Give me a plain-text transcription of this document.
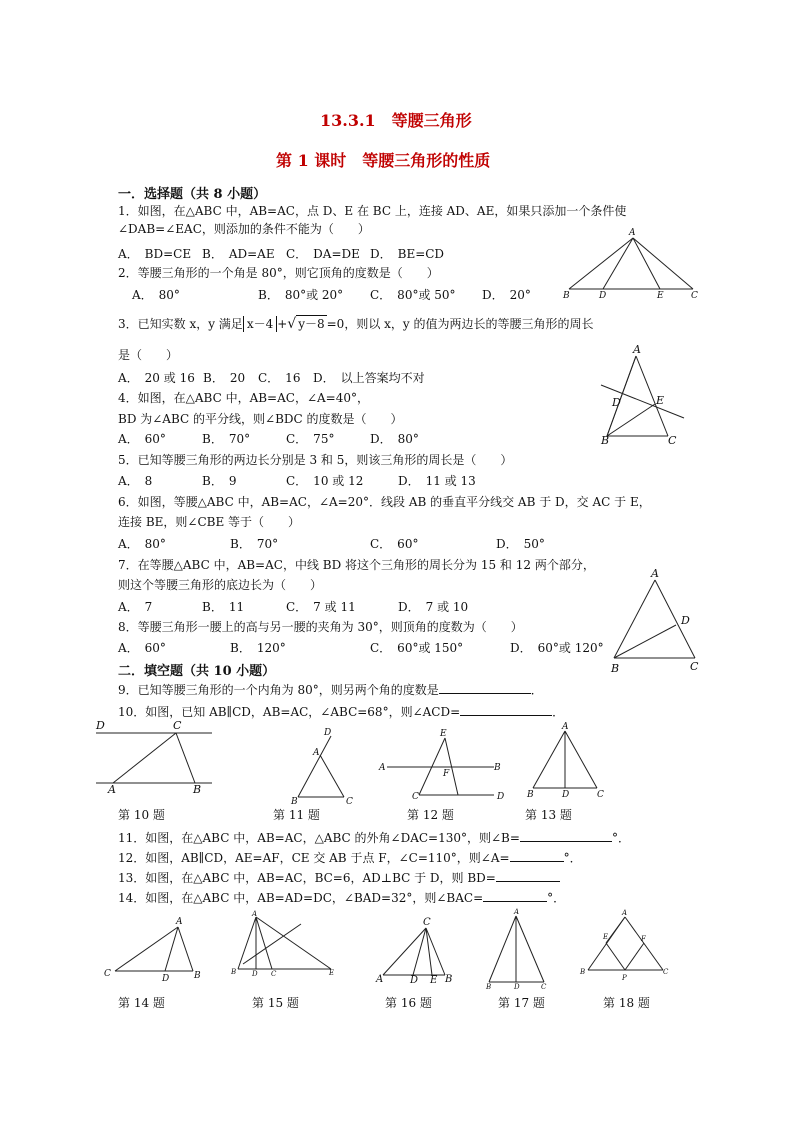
13.3.1　等腰三角形
第 1 课时　等腰三角形的性质
一．选择题（共 8 小题）
1．如图，在△ABC 中，AB=AC，点 D、E 在 BC 上，连接 AD、AE，如果只添加一个条件使
∠DAB=∠EAC，则添加的条件不能为（　　）
A．　BD=CE B．　AD=AE C．　DA=DE D．　BE=CD
2．等腰三角形的一个角是 80°，则它顶角的度数是（　　）
A．　80°	B．　80°或 20° C．　80°或 50° D．　20°
3．已知实数 x，y 满足 x－4 +√ y－8 =0，则以 x，y 的值为两边长的等腰三角形的周长
是（　　）
A．　20 或 16 B．　20 C．　16 D．　以上答案均不对
4．如图，在△ABC 中，AB=AC，∠A=40°，
BD 为∠ABC 的平分线，则∠BDC 的度数是（　　）
A．　60°	B．　70°	C．　75°	D．　80°
5．已知等腰三角形的两边长分别是 3 和 5，则该三角形的周长是（　　）
A．　8	B．　9	C．　10 或 12	D．　11 或 13
6．如图，等腰△ABC 中，AB=AC，∠A=20°．线段 AB 的垂直平分线交 AB 于 D，交 AC 于 E，
连接 BE，则∠CBE 等于（　　）
A．　80°	B．　70°	C．　60°	D．　50°
7．在等腰△ABC 中，AB=AC，中线 BD 将这个三角形的周长分为 15 和 12 两个部分，
则这个等腰三角形的底边长为（　　）
A．　7	B．　11	C．　7 或 11	D．　7 或 10
8．等腰三角形一腰上的高与另一腰的夹角为 30°，则顶角的度数为（　　）
A．　60°	B．　120°	C．　60°或 150°	D．　60°或 120°
二．填空题（共 10 小题）
9．已知等腰三角形的一个内角为 80°，则另两个角的度数是	．
10．如图，已知 AB∥CD，AB=AC，∠ABC=68°，则∠ACD=	．
第 10 题	第 11 题	第 12 题	第 13 题
11．如图，在△ABC 中，AB=AC，△ABC 的外角∠DAC=130°，则∠B=	°．
12．如图，AB∥CD，AE=AF，CE 交 AB 于点 F，∠C=110°，则∠A=	°．
13．如图，在△ABC 中，AB=AC，BC=6，AD⊥BC 于 D，则 BD=
14．如图，在△ABC 中，AB=AD=DC，∠BAD=32°，则∠BAC=	°．
第 14 题	第 15 题	第 16 题	第 17 题	第 18 题
A
B	D	E	C
A
D	E
B	C
A
D
B	C
D	C
A	B
D
A
B	C
E
A	B
F
C	D
A
B	D	C
A
C	D	B
A
B D C	E
A
B	D	C
A
E	F
B
P
C
C
A	D E B
